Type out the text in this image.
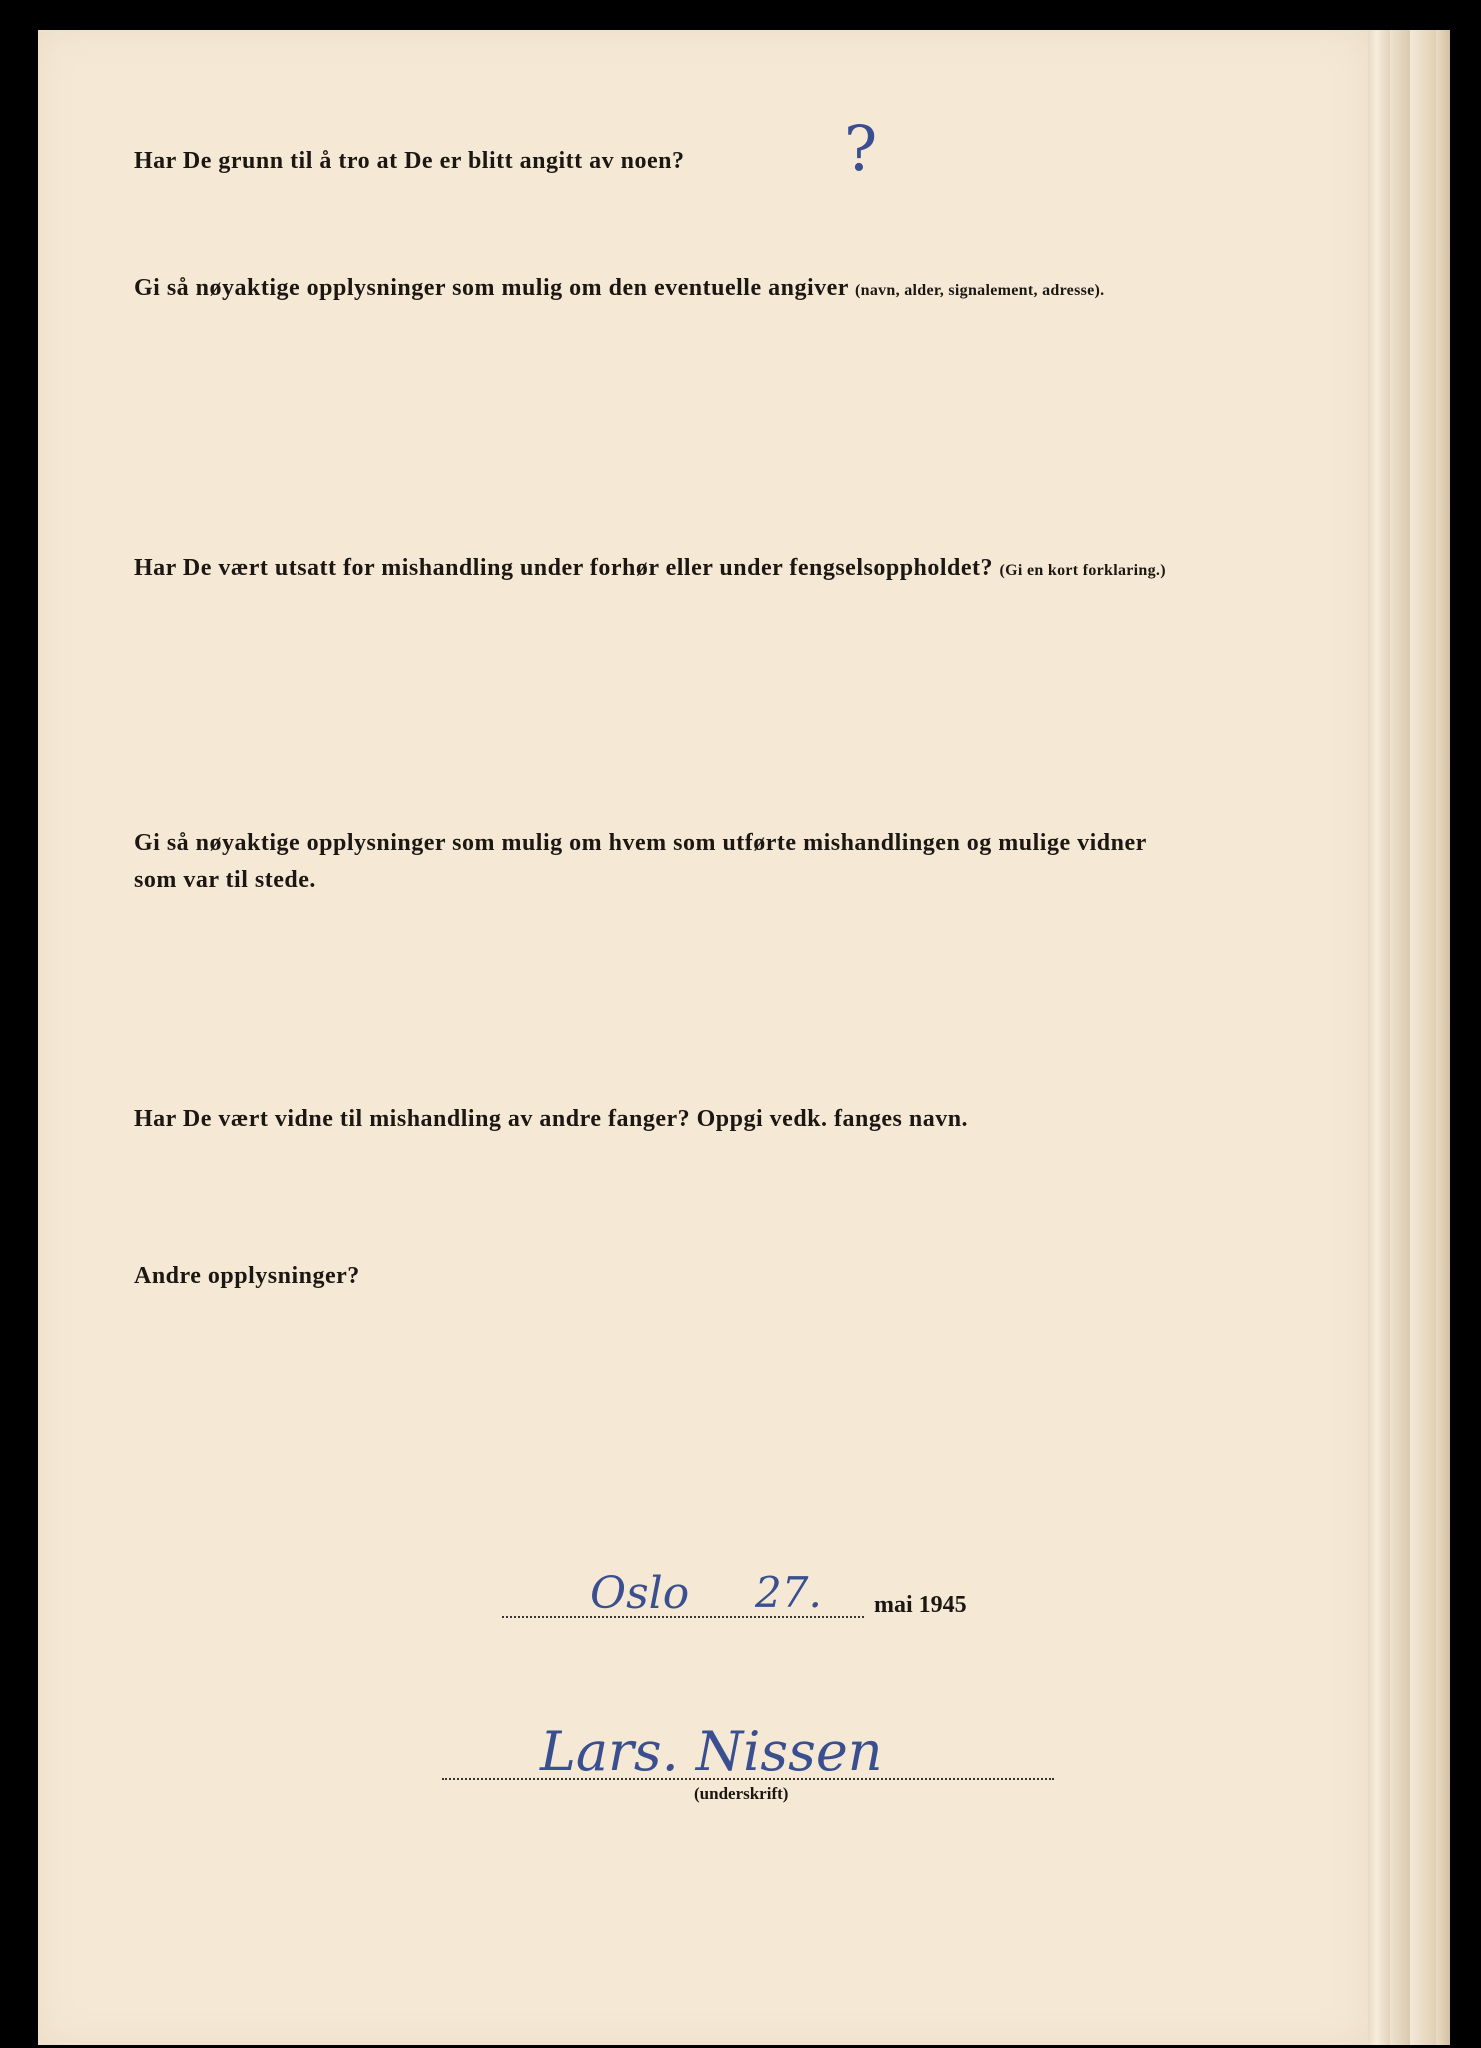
Har De grunn til å tro at De er blitt angitt av noen?	?
Gi så nøyaktige opplysninger som mulig om den eventuelle angiver (navn, alder, signalement, adresse).
Har De vært utsatt for mishandling under forhør eller under fengselsoppholdet? (Gi en kort forklaring.)
Gi så nøyaktige opplysninger som mulig om hvem som utførte mishandlingen og mulige vidner
som var til stede.
Har De vært vidne til mishandling av andre fanger? Oppgi vedk. fanges navn.
Andre opplysninger?
Oslo 27. mai 1945
Lars. Nissen
(underskrift)
